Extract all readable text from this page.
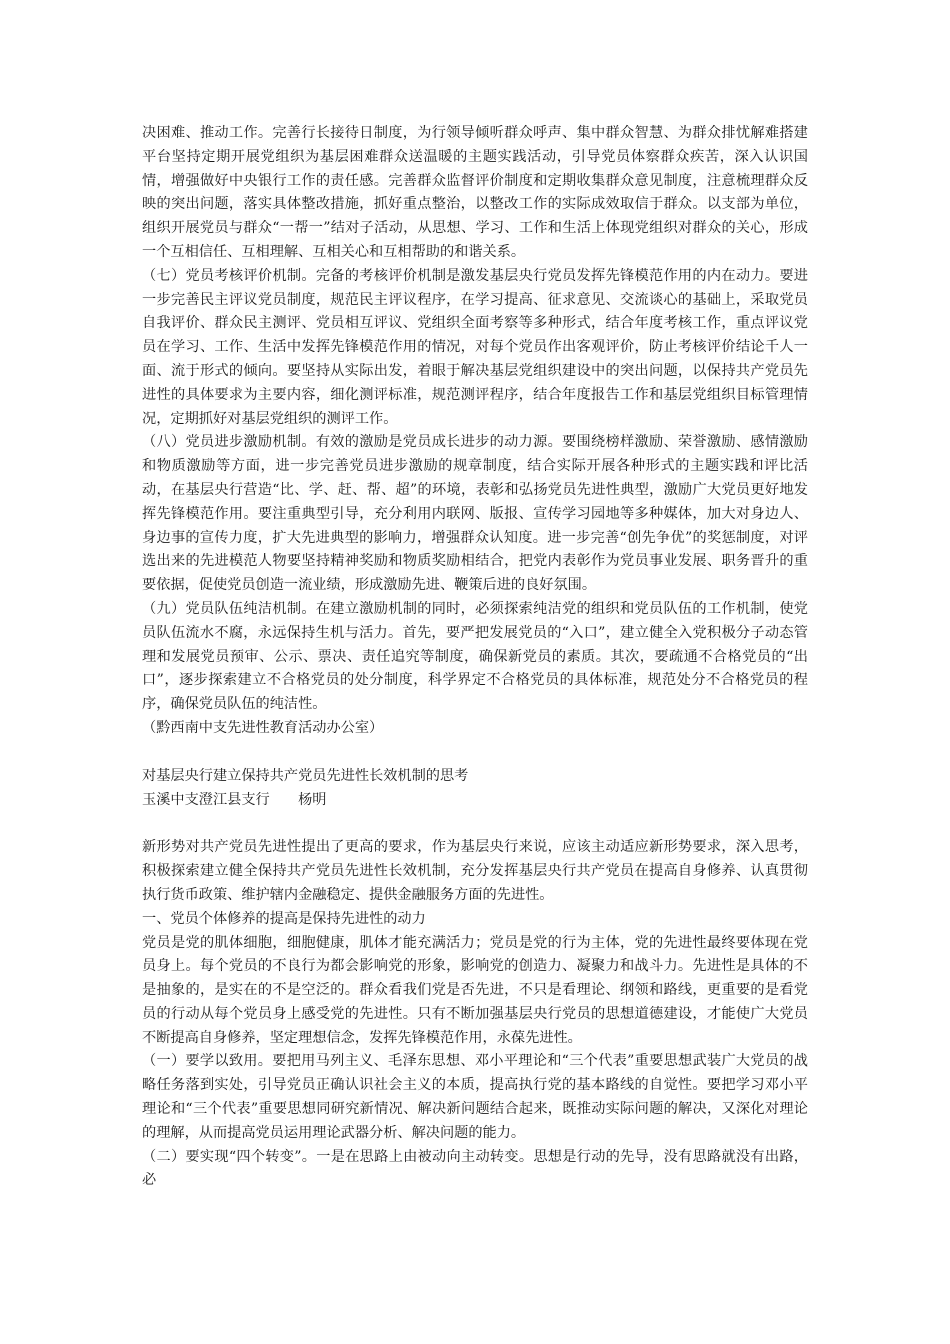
决困难、推动工作。完善行长接待日制度，为行领导倾听群众呼声、集中群众智慧、为群众排忧解难搭建平台坚持定期开展党组织为基层困难群众送温暖的主题实践活动，引导党员体察群众疾苦，深入认识国情，增强做好中央银行工作的责任感。完善群众监督评价制度和定期收集群众意见制度，注意梳理群众反映的突出问题，落实具体整改措施，抓好重点整治，以整改工作的实际成效取信于群众。以支部为单位，组织开展党员与群众“一帮一”结对子活动，从思想、学习、工作和生活上体现党组织对群众的关心，形成一个互相信任、互相理解、互相关心和互相帮助的和谐关系。

（七）党员考核评价机制。完备的考核评价机制是激发基层央行党员发挥先锋模范作用的内在动力。要进一步完善民主评议党员制度，规范民主评议程序，在学习提高、征求意见、交流谈心的基础上，采取党员自我评价、群众民主测评、党员相互评议、党组织全面考察等多种形式，结合年度考核工作，重点评议党员在学习、工作、生活中发挥先锋模范作用的情况，对每个党员作出客观评价，防止考核评价结论千人一面、流于形式的倾向。要坚持从实际出发，着眼于解决基层党组织建设中的突出问题，以保持共产党员先进性的具体要求为主要内容，细化测评标准，规范测评程序，结合年度报告工作和基层党组织目标管理情况，定期抓好对基层党组织的测评工作。

（八）党员进步激励机制。有效的激励是党员成长进步的动力源。要围绕榜样激励、荣誉激励、感情激励和物质激励等方面，进一步完善党员进步激励的规章制度，结合实际开展各种形式的主题实践和评比活动，在基层央行营造“比、学、赶、帮、超”的环境，表彰和弘扬党员先进性典型，激励广大党员更好地发挥先锋模范作用。要注重典型引导，充分利用内联网、版报、宣传学习园地等多种媒体，加大对身边人、身边事的宣传力度，扩大先进典型的影响力，增强群众认知度。进一步完善“创先争优”的奖惩制度，对评选出来的先进模范人物要坚持精神奖励和物质奖励相结合，把党内表彰作为党员事业发展、职务晋升的重要依据，促使党员创造一流业绩，形成激励先进、鞭策后进的良好氛围。

（九）党员队伍纯洁机制。在建立激励机制的同时，必须探索纯洁党的组织和党员队伍的工作机制，使党员队伍流水不腐，永远保持生机与活力。首先，要严把发展党员的“入口”，建立健全入党积极分子动态管理和发展党员预审、公示、票决、责任追究等制度，确保新党员的素质。其次，要疏通不合格党员的“出口”，逐步探索建立不合格党员的处分制度，科学界定不合格党员的具体标准，规范处分不合格党员的程序，确保党员队伍的纯洁性。

（黔西南中支先进性教育活动办公室）

对基层央行建立保持共产党员先进性长效机制的思考

玉溪中支澄江县支行　　杨明

新形势对共产党员先进性提出了更高的要求，作为基层央行来说，应该主动适应新形势要求，深入思考，积极探索建立健全保持共产党员先进性长效机制，充分发挥基层央行共产党员在提高自身修养、认真贯彻执行货币政策、维护辖内金融稳定、提供金融服务方面的先进性。

一、党员个体修养的提高是保持先进性的动力

党员是党的肌体细胞，细胞健康，肌体才能充满活力；党员是党的行为主体，党的先进性最终要体现在党员身上。每个党员的不良行为都会影响党的形象，影响党的创造力、凝聚力和战斗力。先进性是具体的不是抽象的，是实在的不是空泛的。群众看我们党是否先进，不只是看理论、纲领和路线，更重要的是看党员的行动从每个党员身上感受党的先进性。只有不断加强基层央行党员的思想道德建设，才能使广大党员不断提高自身修养，坚定理想信念，发挥先锋模范作用，永葆先进性。

（一）要学以致用。要把用马列主义、毛泽东思想、邓小平理论和“三个代表”重要思想武装广大党员的战略任务落到实处，引导党员正确认识社会主义的本质，提高执行党的基本路线的自觉性。要把学习邓小平理论和“三个代表”重要思想同研究新情况、解决新问题结合起来，既推动实际问题的解决，又深化对理论的理解，从而提高党员运用理论武器分析、解决问题的能力。

（二）要实现“四个转变”。一是在思路上由被动向主动转变。思想是行动的先导，没有思路就没有出路，必
